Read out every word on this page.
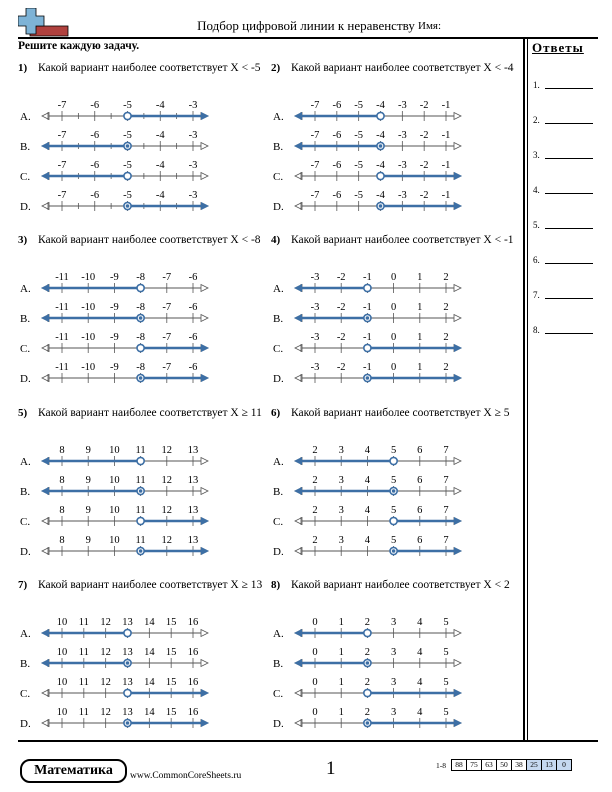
Подбор цифровой линии к неравенству Имя:
Решите каждую задачу.	Ответы
1.
2.
3.
4.
5.
6.
7.
8.
1) Какой вариант наиболее соответствует X < -5
A.
-7 -6 -5 -4 -3
B.
-7 -6 -5 -4 -3
C.
-7 -6 -5 -4 -3
D.
-7 -6 -5 -4 -3
2) Какой вариант наиболее соответствует X < -4
A.
-7 -6 -5 -4 -3 -2 -1
B.
-7 -6 -5 -4 -3 -2 -1
C.
-7 -6 -5 -4 -3 -2 -1
D.
-7 -6 -5 -4 -3 -2 -1
3) Какой вариант наиболее соответствует X < -8
A.
-11 -10 -9 -8 -7 -6
B.
-11 -10 -9 -8 -7 -6
C.
-11 -10 -9 -8 -7 -6
D.
-11 -10 -9 -8 -7 -6
4) Какой вариант наиболее соответствует X < -1
A.
-3 -2 -1 0 1 2
B.
-3 -2 -1 0 1 2
C.
-3 -2 -1 0 1 2
D.
-3 -2 -1 0 1 2
5) Какой вариант наиболее соответствует X ≥ 11
A.
8 9 10 11 12 13
B.
8 9 10 11 12 13
C.
8 9 10 11 12 13
D.
8 9 10 11 12 13
6) Какой вариант наиболее соответствует X ≥ 5
A.
2 3 4 5 6 7
B.
2 3 4 5 6 7
C.
2 3 4 5 6 7
D.
2 3 4 5 6 7
7) Какой вариант наиболее соответствует X ≥ 13
A.
10 11 12 13 14 15 16
B.
10 11 12 13 14 15 16
C.
10 11 12 13 14 15 16
D.
10 11 12 13 14 15 16
8) Какой вариант наиболее соответствует X < 2
A.
0 1 2 3 4 5
B.
0 1 2 3 4 5
C.
0 1 2 3 4 5
D.
0 1 2 3 4 5
Математика	www.CommonCoreSheets.ru	1	1-8	88	75	63	50	38	25	13	0
